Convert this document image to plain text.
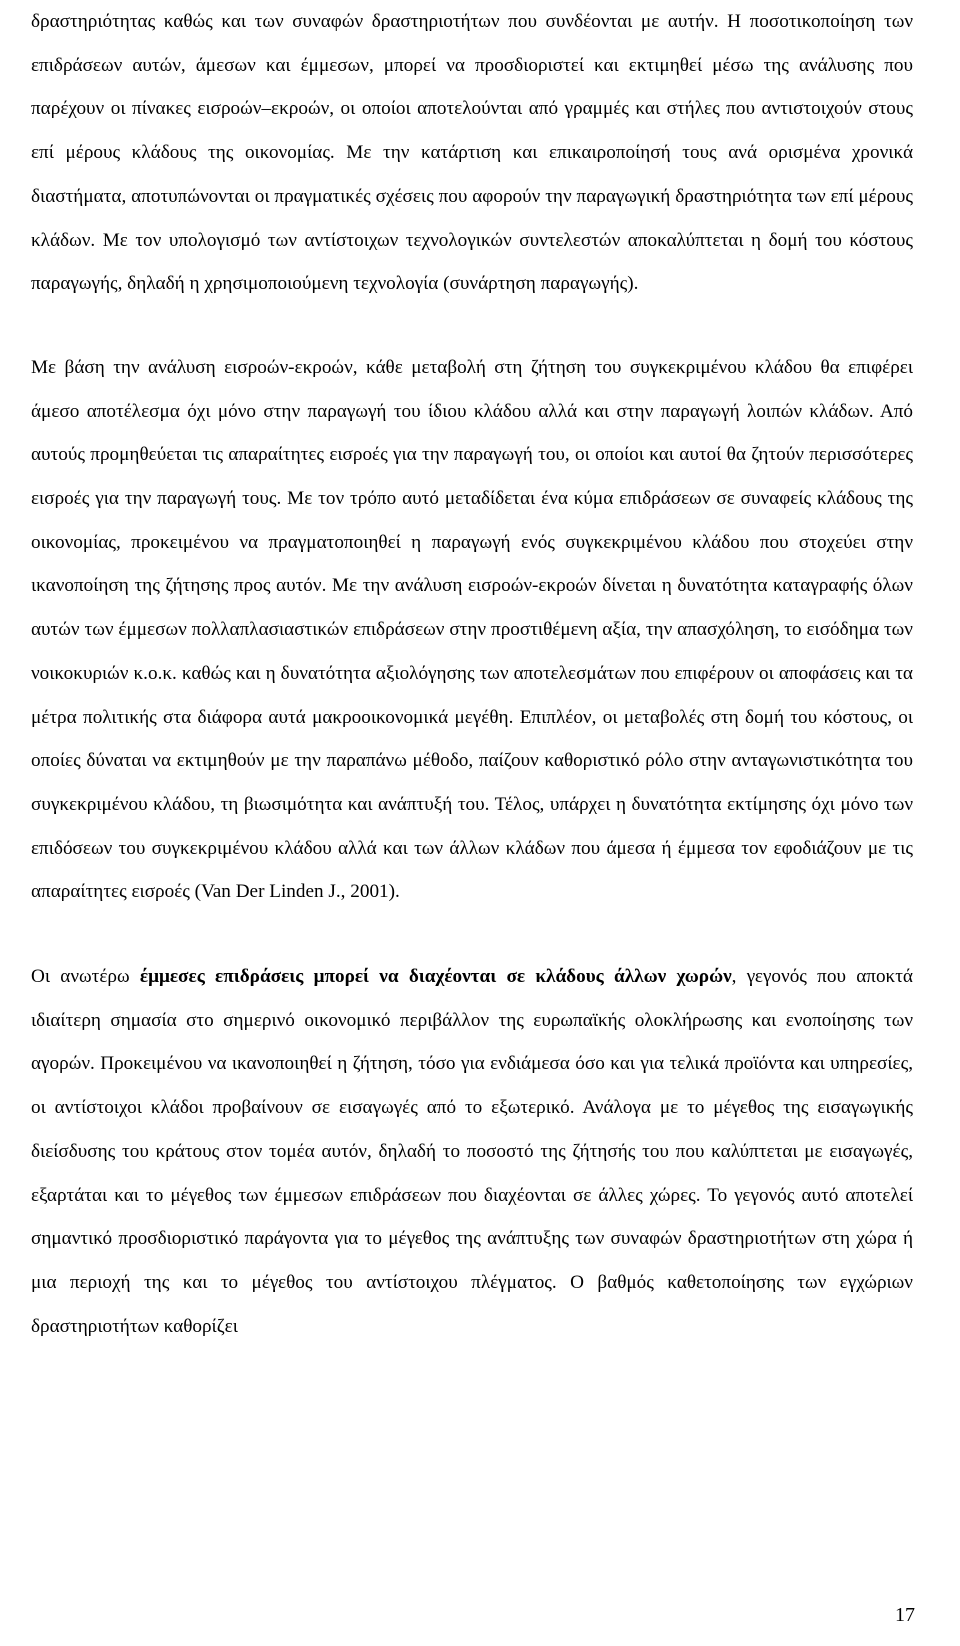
δραστηριότητας καθώς και των συναφών δραστηριοτήτων που συνδέονται με αυτήν. Η ποσοτικοποίηση των επιδράσεων αυτών, άμεσων και έμμεσων, μπορεί να προσδιοριστεί και εκτιμηθεί μέσω της ανάλυσης που παρέχουν οι πίνακες εισροών–εκροών, οι οποίοι αποτελούνται από γραμμές και στήλες που αντιστοιχούν στους επί μέρους κλάδους της οικονομίας. Με την κατάρτιση και επικαιροποίησή τους ανά ορισμένα χρονικά διαστήματα, αποτυπώνονται οι πραγματικές σχέσεις που αφορούν την παραγωγική δραστηριότητα των επί μέρους κλάδων. Με τον υπολογισμό των αντίστοιχων τεχνολογικών συντελεστών αποκαλύπτεται η δομή του κόστους παραγωγής, δηλαδή η χρησιμοποιούμενη τεχνολογία (συνάρτηση παραγωγής).

Με βάση την ανάλυση εισροών-εκροών, κάθε μεταβολή στη ζήτηση του συγκεκριμένου κλάδου θα επιφέρει άμεσο αποτέλεσμα όχι μόνο στην παραγωγή του ίδιου κλάδου αλλά και στην παραγωγή λοιπών κλάδων. Από αυτούς προμηθεύεται τις απαραίτητες εισροές για την παραγωγή του, οι οποίοι και αυτοί θα ζητούν περισσότερες εισροές για την παραγωγή τους. Με τον τρόπο αυτό μεταδίδεται ένα κύμα επιδράσεων σε συναφείς κλάδους της οικονομίας, προκειμένου να πραγματοποιηθεί η παραγωγή ενός συγκεκριμένου κλάδου που στοχεύει στην ικανοποίηση της ζήτησης προς αυτόν. Με την ανάλυση εισροών-εκροών δίνεται η δυνατότητα καταγραφής όλων αυτών των έμμεσων πολλαπλασιαστικών επιδράσεων στην προστιθέμενη αξία, την απασχόληση, το εισόδημα των νοικοκυριών κ.ο.κ. καθώς και η δυνατότητα αξιολόγησης των αποτελεσμάτων που επιφέρουν οι αποφάσεις και τα μέτρα πολιτικής στα διάφορα αυτά μακροοικονομικά μεγέθη. Επιπλέον, οι μεταβολές στη δομή του κόστους, οι οποίες δύναται να εκτιμηθούν με την παραπάνω μέθοδο, παίζουν καθοριστικό ρόλο στην ανταγωνιστικότητα του συγκεκριμένου κλάδου, τη βιωσιμότητα και ανάπτυξή του. Τέλος, υπάρχει η δυνατότητα εκτίμησης όχι μόνο των επιδόσεων του συγκεκριμένου κλάδου αλλά και των άλλων κλάδων που άμεσα ή έμμεσα τον εφοδιάζουν με τις απαραίτητες εισροές (Van Der Linden J., 2001).

Οι ανωτέρω έμμεσες επιδράσεις μπορεί να διαχέονται σε κλάδους άλλων χωρών, γεγονός που αποκτά ιδιαίτερη σημασία στο σημερινό οικονομικό περιβάλλον της ευρωπαϊκής ολοκλήρωσης και ενοποίησης των αγορών. Προκειμένου να ικανοποιηθεί η ζήτηση, τόσο για ενδιάμεσα όσο και για τελικά προϊόντα και υπηρεσίες, οι αντίστοιχοι κλάδοι προβαίνουν σε εισαγωγές από το εξωτερικό. Ανάλογα με το μέγεθος της εισαγωγικής διείσδυσης του κράτους στον τομέα αυτόν, δηλαδή το ποσοστό της ζήτησής του που καλύπτεται με εισαγωγές, εξαρτάται και το μέγεθος των έμμεσων επιδράσεων που διαχέονται σε άλλες χώρες. Το γεγονός αυτό αποτελεί σημαντικό προσδιοριστικό παράγοντα για το μέγεθος της ανάπτυξης των συναφών δραστηριοτήτων στη χώρα ή μια περιοχή της και το μέγεθος του αντίστοιχου πλέγματος. Ο βαθμός καθετοποίησης των εγχώριων δραστηριοτήτων καθορίζει

17
